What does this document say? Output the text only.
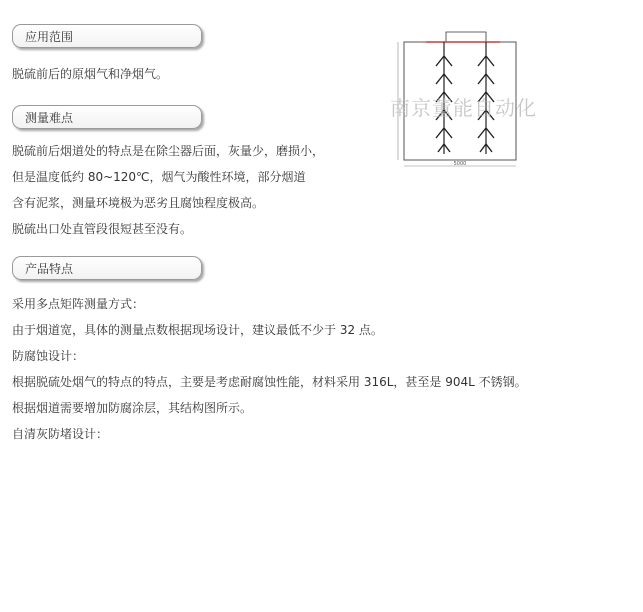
应用范围
脱硫前后的原烟气和净烟气。
测量难点
脱硫前后烟道处的特点是在除尘器后面，灰量少，磨损小，
但是温度低约 80~120℃，烟气为酸性环境，部分烟道
含有泥浆，测量环境极为恶劣且腐蚀程度极高。
脱硫出口处直管段很短甚至没有。
产品特点
采用多点矩阵测量方式：
由于烟道宽，具体的测量点数根据现场设计，建议最低不少于 32 点。
防腐蚀设计：
根据脱硫处烟气的特点的特点，主要是考虑耐腐蚀性能，材料采用 316L，甚至是 904L 不锈钢。
根据烟道需要增加防腐涂层，其结构图所示。
自清灰防堵设计：
5000
南京董能自动化
